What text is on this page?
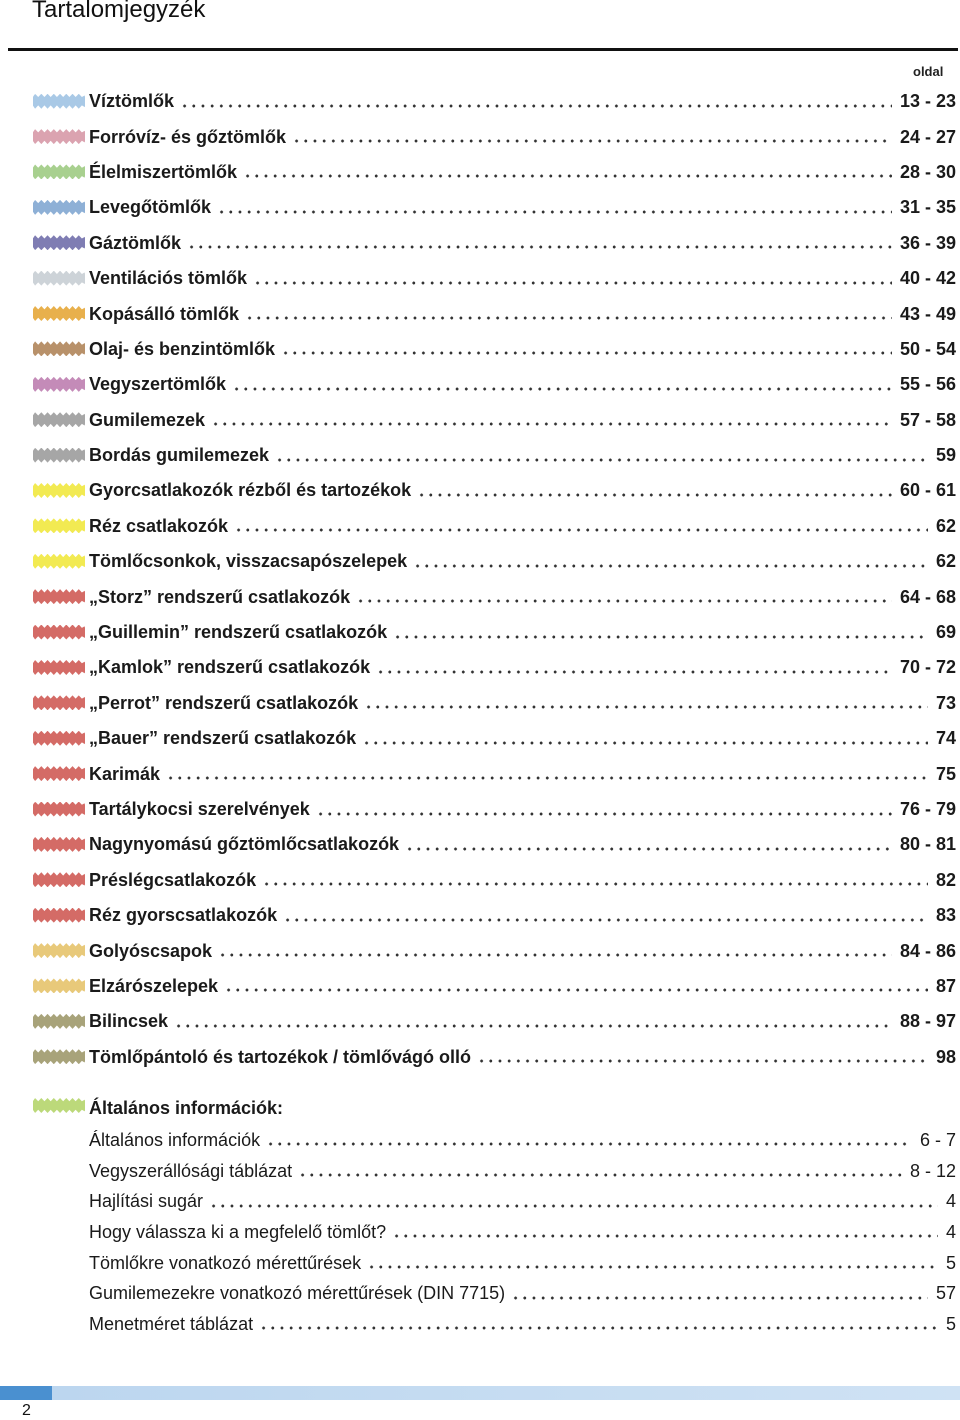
Tartalomjegyzék
oldal
Víztömlők	13 - 23
Forróvíz- és gőztömlők	24 - 27
Élelmiszertömlők	28 - 30
Levegőtömlők	31 - 35
Gáztömlők	36 - 39
Ventilációs tömlők	40 - 42
Kopásálló tömlők	43 - 49
Olaj- és benzintömlők	50 - 54
Vegyszertömlők	55 - 56
Gumilemezek	57 - 58
Bordás gumilemezek	59
Gyorcsatlakozók rézből és tartozékok	60 - 61
Réz csatlakozók	62
Tömlőcsonkok, visszacsapószelepek	62
„Storz” rendszerű csatlakozók	64 - 68
„Guillemin” rendszerű csatlakozók	69
„Kamlok” rendszerű csatlakozók	70 - 72
„Perrot” rendszerű csatlakozók	73
„Bauer” rendszerű csatlakozók	74
Karimák	75
Tartálykocsi szerelvények	76 - 79
Nagynyomású gőztömlőcsatlakozók	80 - 81
Préslégcsatlakozók	82
Réz gyorscsatlakozók	83
Golyóscsapok	84 - 86
Elzárószelepek	87
Bilincsek	88 - 97
Tömlőpántoló és tartozékok / tömlővágó olló	98
Általános információk:
Általános információk	6 - 7
Vegyszerállósági táblázat	8 - 12
Hajlítási sugár	4
Hogy válassza ki a megfelelő tömlőt?	4
Tömlőkre vonatkozó mérettűrések	5
Gumilemezekre vonatkozó mérettűrések (DIN 7715)	57
Menetméret táblázat	5
2
